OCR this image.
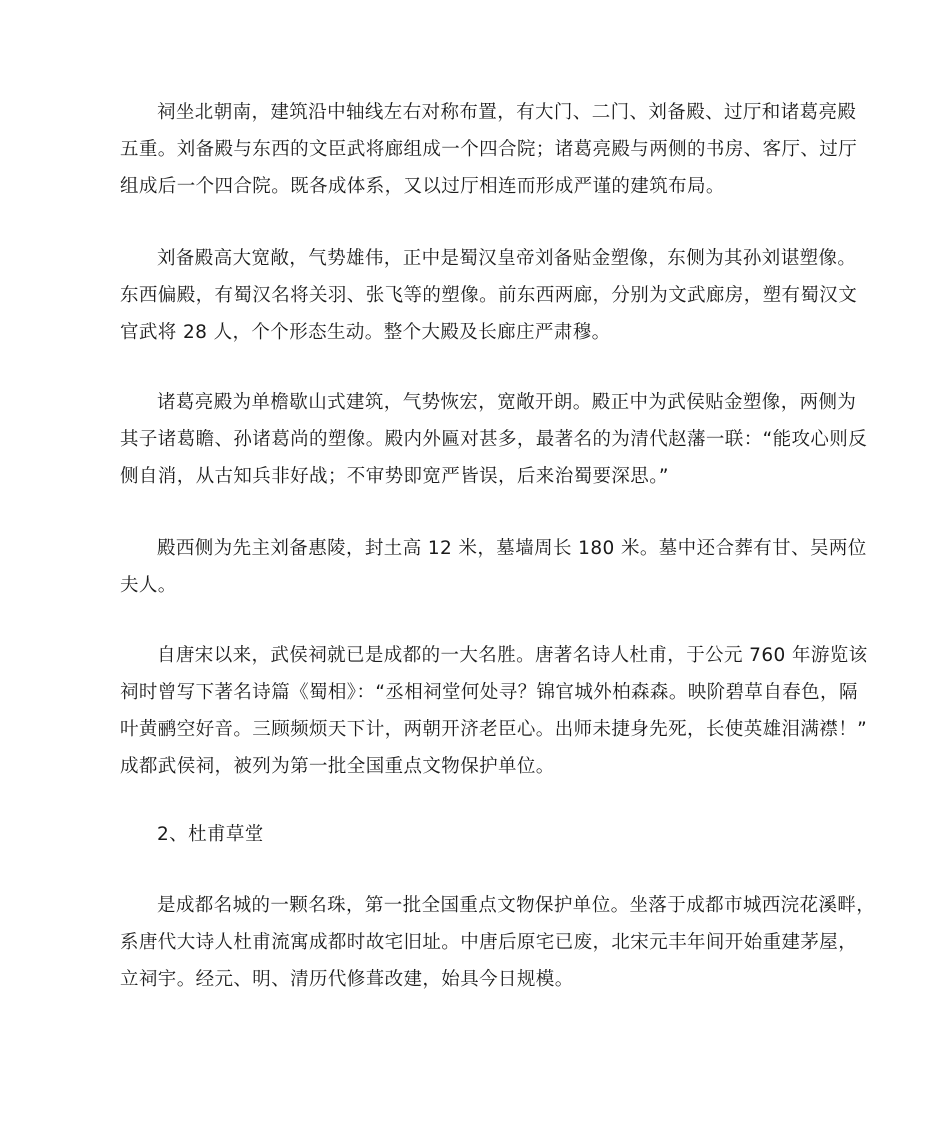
祠坐北朝南，建筑沿中轴线左右对称布置，有大门、二门、刘备殿、过厅和诸葛亮殿
五重。刘备殿与东西的文臣武将廊组成一个四合院；诸葛亮殿与两侧的书房、客厅、过厅
组成后一个四合院。既各成体系，又以过厅相连而形成严谨的建筑布局。

刘备殿高大宽敞，气势雄伟，正中是蜀汉皇帝刘备贴金塑像，东侧为其孙刘谌塑像。
东西偏殿，有蜀汉名将关羽、张飞等的塑像。前东西两廊，分别为文武廊房，塑有蜀汉文
官武将 28 人，个个形态生动。整个大殿及长廊庄严肃穆。

诸葛亮殿为单檐歇山式建筑，气势恢宏，宽敞开朗。殿正中为武侯贴金塑像，两侧为
其子诸葛瞻、孙诸葛尚的塑像。殿内外匾对甚多，最著名的为清代赵藩一联：“能攻心则反
侧自消，从古知兵非好战；不审势即宽严皆误，后来治蜀要深思。”

殿西侧为先主刘备惠陵，封土高 12 米，墓墙周长 180 米。墓中还合葬有甘、吴两位
夫人。

自唐宋以来，武侯祠就已是成都的一大名胜。唐著名诗人杜甫，于公元 760 年游览该
祠时曾写下著名诗篇《蜀相》：“丞相祠堂何处寻？锦官城外柏森森。映阶碧草自春色，隔
叶黄鹂空好音。三顾频烦天下计，两朝开济老臣心。出师未捷身先死，长使英雄泪满襟！”
成都武侯祠，被列为第一批全国重点文物保护单位。

2、杜甫草堂

是成都名城的一颗名珠，第一批全国重点文物保护单位。坐落于成都市城西浣花溪畔，
系唐代大诗人杜甫流寓成都时故宅旧址。中唐后原宅已废，北宋元丰年间开始重建茅屋，
立祠宇。经元、明、清历代修葺改建，始具今日规模。
